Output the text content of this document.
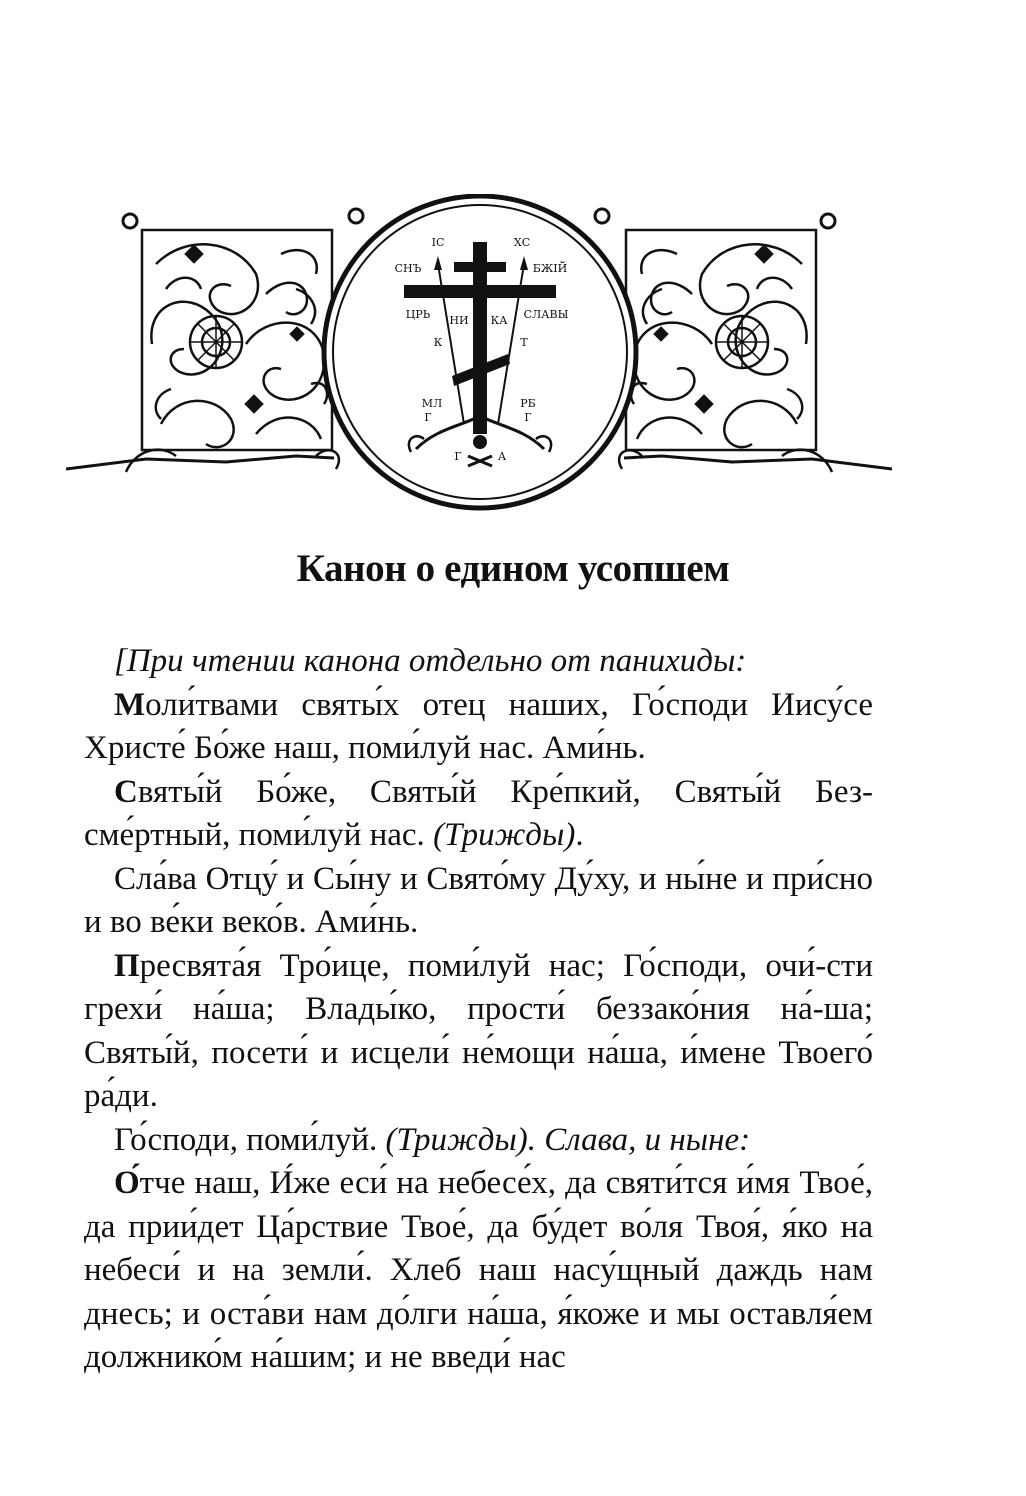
ІС	ХС
СНЪ	БЖІЙ
ЦРЬ	СЛАВЫ
НИ КА
К	Т
МЛ	РБ
Г	Г
Г	А
Канон о едином усопшем

[При чтении канона отдельно от панихиды:

Моли́твами святы́х отец наших, Го́споди Иису́се Христе́ Бо́же наш, поми́луй нас. Ами́нь.

Святы́й Бо́же, Святы́й Кре́пкий, Святы́й Без-сме́ртный, поми́луй нас. (Трижды).

Сла́ва Отцу́ и Сы́ну и Свято́му Ду́ху, и ны́не и при́сно и во ве́ки веко́в. Ами́нь.

Пресвята́я Тро́ице, поми́луй нас; Го́споди, очи́-сти грехи́ на́ша; Влады́ко, прости́ беззако́ния на́-ша; Святы́й, посети́ и исцели́ не́мощи на́ша, и́мене Твоего́ ра́ди.

Го́споди, поми́луй. (Трижды). Слава, и ныне:

О́тче наш, И́же еси́ на небесе́х, да святи́тся и́мя Твое́, да прии́дет Ца́рствие Твое́, да бу́дет во́ля Твоя́, я́ко на небеси́ и на земли́. Хлеб наш насу́щный даждь нам днесь; и оста́ви нам до́лги на́ша, я́коже и мы оставля́ем должнико́м на́шим; и не введи́ нас
